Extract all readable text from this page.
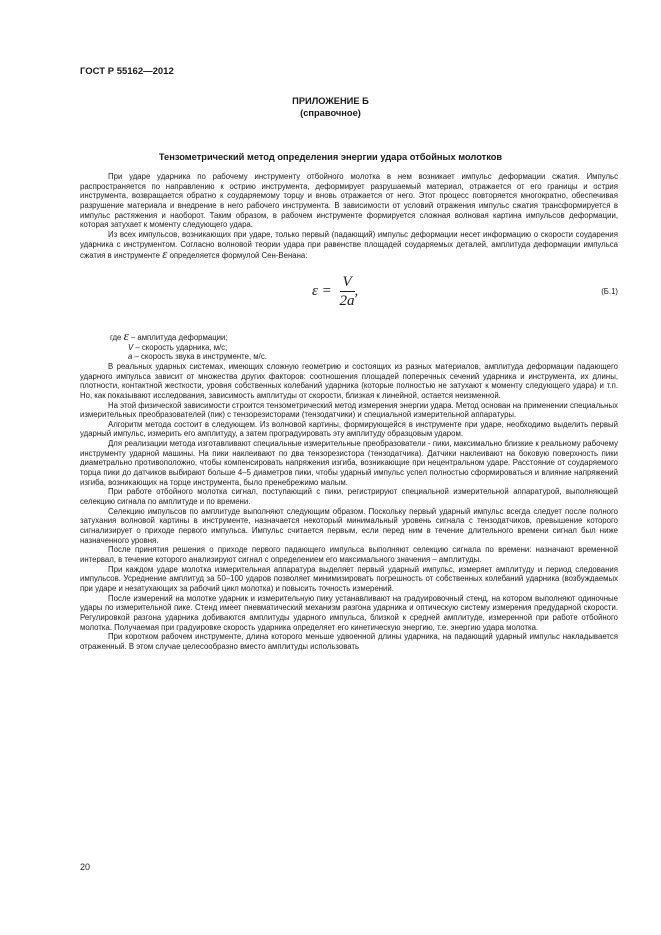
ГОСТ Р 55162—2012
ПРИЛОЖЕНИЕ Б
(справочное)
Тензометрический метод определения энергии удара отбойных молотков

При ударе ударника по рабочему инструменту отбойного молотка в нем возникает импульс деформации сжатия. Импульс распространяется по направлению к острию инструмента, деформирует разрушаемый материал, отражается от его границы и острия инструмента, возвращается обратно к соударяемому торцу и вновь отражается от него. Этот процесс повторяется многократно, обеспечивая разрушение материала и внедрение в него рабочего инструмента. В зависимости от условий отражения импульс сжатия трансформируется в импульс растяжения и наоборот. Таким образом, в рабочем инструменте формируется сложная волновая картина импульсов деформации, которая затухает к моменту следующего удара.

Из всех импульсов, возникающих при ударе, только первый (падающий) импульс деформации несет информацию о скорости соударения ударника с инструментом. Согласно волновой теории удара при равенстве площадей соударяемых деталей, амплитуда деформации импульса сжатия в инструменте ε определяется формулой Сен-Венана:

$\varepsilon = \frac{V}{2a}$ ,	(Б.1)
где ε – амплитуда деформации;
V – скорость ударника, м/с;
a – скорость звука в инструменте, м/с.

В реальных ударных системах, имеющих сложную геометрию и состоящих из разных материалов, амплитуда деформации падающего ударного импульса зависит от множества других факторов: соотношения площадей поперечных сечений ударника и инструмента, их длины, плотности, контактной жесткости, уровня собственных колебаний ударника (которые полностью не затухают к моменту следующего удара) и т.п. Но, как показывают исследования, зависимость амплитуды от скорости, близкая к линейной, остается неизменной.

На этой физической зависимости строится тензометрический метод измерения энергии удара. Метод основан на применении специальных измерительных преобразователей (пик) с тензорезисторами (тензодатчики) и специальной измерительной аппаратуры.

Алгоритм метода состоит в следующем. Из волновой картины, формирующейся в инструменте при ударе, необходимо выделить первый ударный импульс, измерить его амплитуду, а затем проградуировать эту амплитуду образцовым ударом.

Для реализации метода изготавливают специальные измерительные преобразователи - пики, максимально близкие к реальному рабочему инструменту ударной машины. На пики наклеивают по два тензорезистора (тензодатчика). Датчики наклеивают на боковую поверхность пики диаметрально противоположно, чтобы компенсировать напряжения изгиба, возникающие при нецентральном ударе. Расстояние от соударяемого торца пики до датчиков выбирают больше 4–5 диаметров пики, чтобы ударный импульс успел полностью сформироваться и влияние напряжений изгиба, возникающих на торце инструмента, было пренебрежимо малым.

При работе отбойного молотка сигнал, поступающий с пики, регистрируют специальной измерительной аппаратурой, выполняющей селекцию сигнала по амплитуде и по времени.

Селекцию импульсов по амплитуде выполняют следующим образом. Поскольку первый ударный импульс всегда следует после полного затухания волновой картины в инструменте, назначается некоторый минимальный уровень сигнала с тензодатчиков, превышение которого сигнализирует о приходе первого импульса. Импульс считается первым, если перед ним в течение длительного времени сигнал был ниже назначенного уровня.

После принятия решения о приходе первого падающего импульса выполняют селекцию сигнала по времени: назначают временной интервал, в течение которого анализируют сигнал с определением его максимального значения – амплитуды.

При каждом ударе молотка измерительная аппаратура выделяет первый ударный импульс, измеряет амплитуду и период следования импульсов. Усреднение амплитуд за 50–100 ударов позволяет минимизировать погрешность от собственных колебаний ударника (возбуждаемых при ударе и незатухающих за рабочий цикл молотка) и повысить точность измерений.

После измерений на молотке ударник и измерительную пику устанавливают на градуировочный стенд, на котором выполняют одиночные удары по измерительной пике. Стенд имеет пневматический механизм разгона ударника и оптическую систему измерения предударной скорости. Регулировкой разгона ударника добиваются амплитуды ударного импульса, близкой к средней амплитуде, измеренной при работе отбойного молотка. Получаемая при градуировке скорость ударника определяет его кинетическую энергию, т.е. энергию удара молотка.

При коротком рабочем инструменте, длина которого меньше удвоенной длины ударника, на падающий ударный импульс накладывается отраженный. В этом случае целесообразно вместо амплитуды использовать

20
